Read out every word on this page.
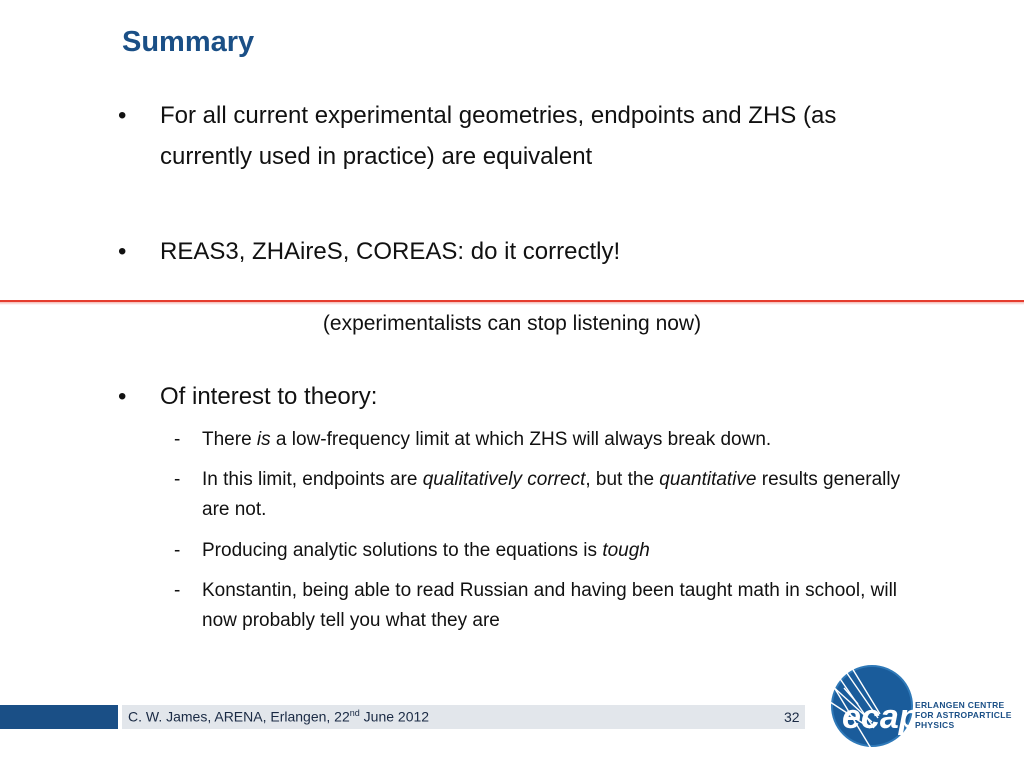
Summary
•	For all current experimental geometries, endpoints and ZHS (as currently used in practice) are equivalent
•	REAS3, ZHAireS, COREAS: do it correctly!
(experimentalists can stop listening now)
•	Of interest to theory:
- There is a low-frequency limit at which ZHS will always break down.
- In this limit, endpoints are qualitatively correct, but the quantitative results generally are not.
- Producing analytic solutions to the equations is tough
- Konstantin, being able to read Russian and having been taught math in school, will now probably tell you what they are
C. W. James, ARENA, Erlangen, 22nd June 2012	32 ecap
ERLANGEN CENTRE
FOR ASTROPARTICLE
PHYSICS
